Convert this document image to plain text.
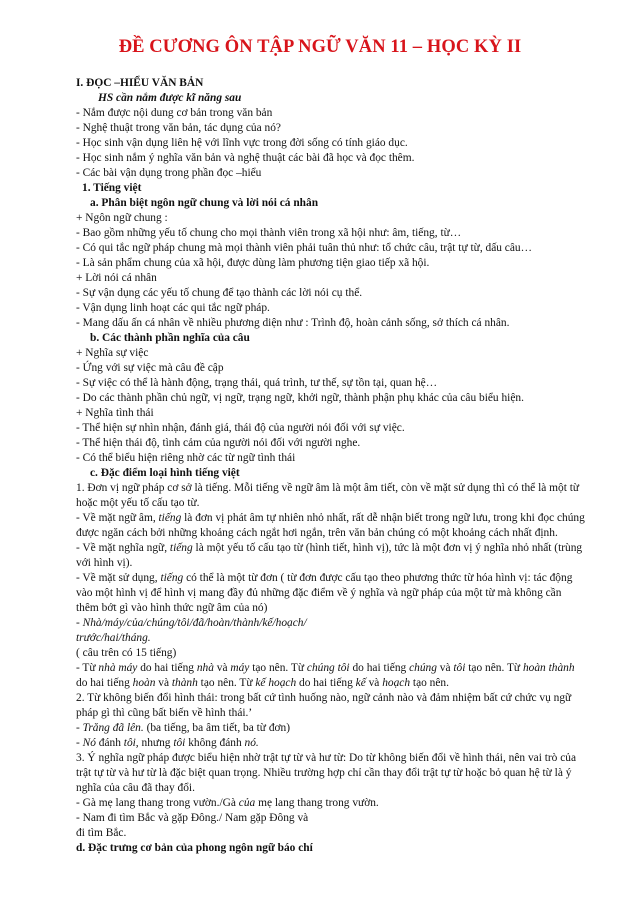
ĐỀ CƯƠNG ÔN TẬP NGỮ VĂN 11 – HỌC KỲ II
I. ĐỌC –HIỂU VĂN BẢN
HS cần nắm được kĩ năng sau
- Nắm được nội dung cơ bản trong văn bản
- Nghệ thuật trong văn bản, tác dụng của nó?
- Học sinh vận dụng liên hệ với lĩnh vực trong đời sống có tính giáo dục.
- Học sinh nắm ý nghĩa văn bản và nghệ thuật các bài đã học và đọc thêm.
- Các bài vận dụng trong phần đọc –hiểu
1. Tiếng việt
a. Phân biệt ngôn ngữ chung và lời nói cá nhân
+ Ngôn ngữ chung :
- Bao gồm những yếu tố chung cho mọi thành viên trong xã hội như: âm, tiếng, từ…
- Có qui tắc ngữ pháp chung mà mọi thành viên phải tuân thủ như: tổ chức câu, trật tự từ, dấu câu…
- Là sản phẩm chung của xã hội, được dùng làm phương tiện giao tiếp xã hội.
+ Lời nói cá nhân
- Sự vận dụng các yếu tố chung để tạo thành các lời nói cụ thể.
- Vận dụng linh hoạt các qui tắc ngữ pháp.
- Mang dấu ấn cá nhân về nhiều phương diện như : Trình độ, hoàn cảnh sống, sở thích cá nhân.
b. Các thành phần nghĩa của câu
+ Nghĩa sự việc
- Ứng với sự việc mà câu đề cập
- Sự việc có thể là hành động, trạng thái, quá trình, tư thế, sự tồn tại, quan hệ…
- Do các thành phần chủ ngữ, vị ngữ, trạng ngữ, khởi ngữ, thành phận phụ khác của câu biểu hiện.
+ Nghĩa tình thái
- Thể hiện sự nhìn nhận, đánh giá, thái độ của người nói đối với sự việc.
- Thể hiện thái độ, tình cảm của người nói đối với người nghe.
- Có thể biểu hiện riêng nhờ các từ ngữ tình thái
c. Đặc điểm loại hình tiếng việt
1. Đơn vị ngữ pháp cơ sở là tiếng. Mỗi tiếng về ngữ âm là một âm tiết, còn về mặt sử dụng thì có thể là một từ hoặc một yếu tố cấu tạo từ.
- Về mặt ngữ âm, tiếng là đơn vị phát âm tự nhiên nhỏ nhất, rất dễ nhận biết trong ngữ lưu, trong khi đọc chúng được ngăn cách bởi những khoảng cách ngắt hơi ngắn, trên văn bản chúng có một khoảng cách nhất định.
- Về mặt nghĩa ngữ, tiếng là một yếu tố cấu tạo từ (hình tiết, hình vị), tức là một đơn vị ý nghĩa nhỏ nhất (trùng với hình vị).
- Về mặt sử dụng, tiếng có thể là một từ đơn ( từ đơn được cấu tạo theo phương thức từ hóa hình vị: tác động vào một hình vị để hình vị mang đầy đủ những đặc điểm về ý nghĩa và ngữ pháp của một từ mà không cần thêm bớt gì vào hình thức ngữ âm của nó)
- Nhà/máy/của/chúng/tôi/đã/hoàn/thành/kế/hoạch/
trước/hai/tháng.
( câu trên có 15 tiếng)
- Từ nhà máy do hai tiếng nhà và máy tạo nên. Từ chúng tôi do hai tiếng chúng và tôi tạo nên. Từ hoàn thành do hai tiếng hoàn và thành tạo nên. Từ kế hoạch do hai tiếng kế và hoạch tạo nên.
2. Từ không biến đổi hình thái: trong bất cứ tình huống nào, ngữ cảnh nào và đảm nhiệm bất cứ chức vụ ngữ pháp gì thì cũng bất biến về hình thái.’
- Trăng đã lên. (ba tiếng, ba âm tiết, ba từ đơn)
- Nó đánh tôi, nhưng tôi không đánh nó.
3. Ý nghĩa ngữ pháp được biểu hiện nhờ trật tự từ và hư từ: Do từ không biến đổi về hình thái, nên vai trò của trật tự từ và hư từ là đặc biệt quan trọng. Nhiều trường hợp chỉ cần thay đổi trật tự từ hoặc bỏ quan hệ từ là ý nghĩa của câu đã thay đổi.
- Gà mẹ lang thang trong vườn./Gà của mẹ lang thang trong vườn.
- Nam đi tìm Bắc và gặp Đông./ Nam gặp Đông và
đi tìm Bắc.
d. Đặc trưng cơ bản của phong ngôn ngữ báo chí
